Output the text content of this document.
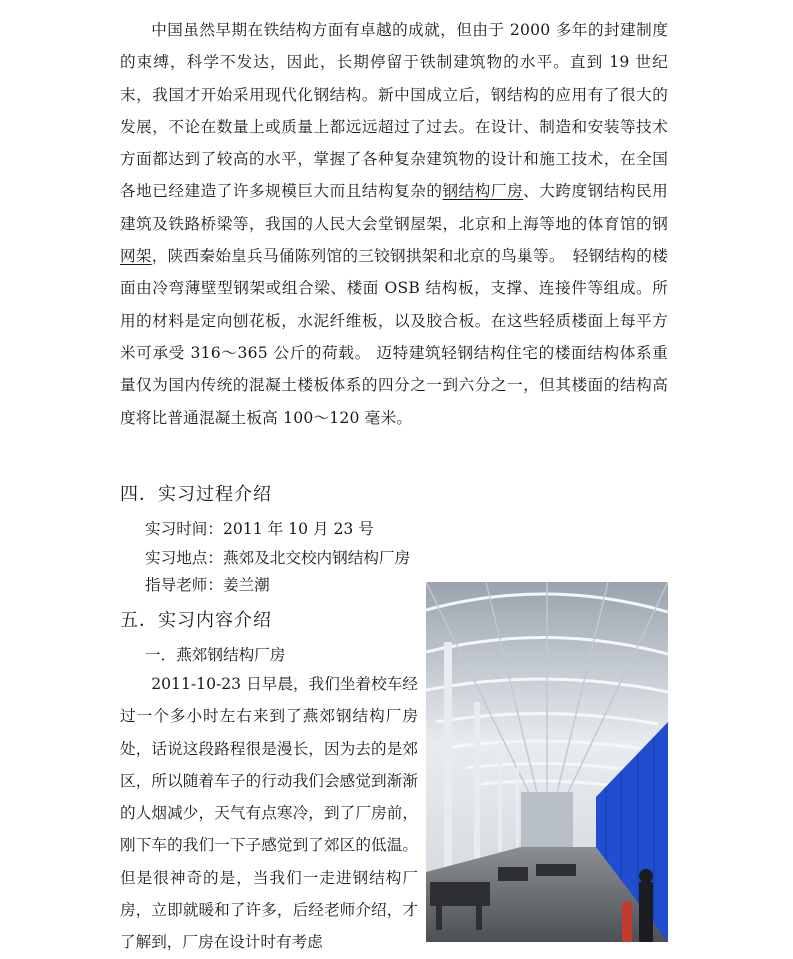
中国虽然早期在铁结构方面有卓越的成就，但由于 2000 多年的封建制度的束缚，科学不发达，因此，长期停留于铁制建筑物的水平。直到 19 世纪末，我国才开始采用现代化钢结构。新中国成立后，钢结构的应用有了很大的发展，不论在数量上或质量上都远远超过了过去。在设计、制造和安装等技术方面都达到了较高的水平，掌握了各种复杂建筑物的设计和施工技术，在全国各地已经建造了许多规模巨大而且结构复杂的钢结构厂房、大跨度钢结构民用建筑及铁路桥梁等，我国的人民大会堂钢屋架，北京和上海等地的体育馆的钢网架，陕西秦始皇兵马俑陈列馆的三铰钢拱架和北京的鸟巢等。　轻钢结构的楼面由冷弯薄壁型钢架或组合梁、楼面 OSB 结构板，支撑、连接件等组成。所用的材料是定向刨花板，水泥纤维板，以及胶合板。在这些轻质楼面上每平方米可承受 316～365 公斤的荷载。 迈特建筑轻钢结构住宅的楼面结构体系重量仅为国内传统的混凝土楼板体系的四分之一到六分之一，但其楼面的结构高度将比普通混凝土板高 100～120 毫米。

四．实习过程介绍

实习时间：2011 年 10 月 23 号

实习地点：燕郊及北交校内钢结构厂房

指导老师：姜兰潮

五．实习内容介绍

一．燕郊钢结构厂房

2011-10-23 日早晨，我们坐着校车经过一个多小时左右来到了燕郊钢结构厂房处，话说这段路程很是漫长，因为去的是郊区，所以随着车子的行动我们会感觉到渐渐的人烟减少，天气有点寒冷，到了厂房前，刚下车的我们一下子感觉到了郊区的低温。但是很神奇的是，当我们一走进钢结构厂房，立即就暖和了许多，后经老师介绍，才了解到，厂房在设计时有考虑
